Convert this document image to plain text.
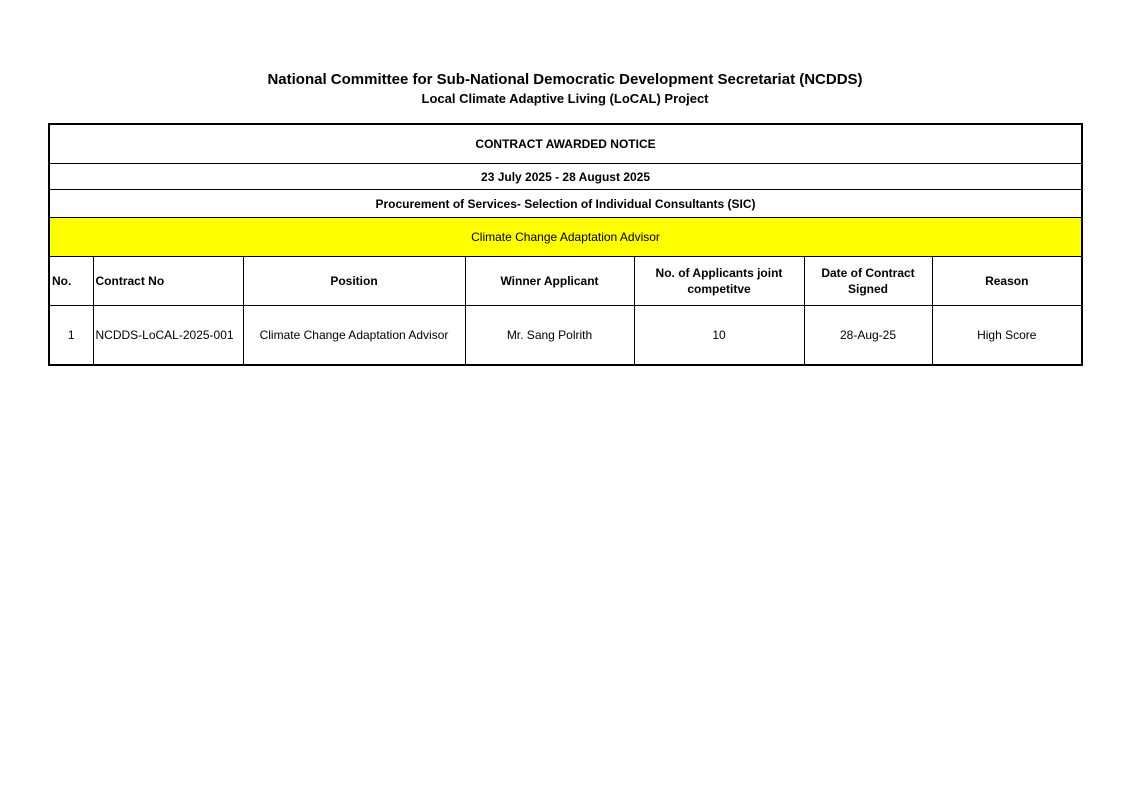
National Committee for Sub-National Democratic Development Secretariat (NCDDS)
Local Climate Adaptive Living (LoCAL) Project
CONTRACT AWARDED NOTICE						
23 July 2025 - 28 August 2025						
Procurement of Services- Selection of Individual Consultants (SIC)						
Climate Change Adaptation Advisor						
No.	Contract No	Position	Winner Applicant	No. of Applicants joint competitve	Date of Contract Signed	Reason
1	NCDDS-LoCAL-2025-001	Climate Change Adaptation Advisor	Mr. Sang Polrith	10	28-Aug-25	High Score
